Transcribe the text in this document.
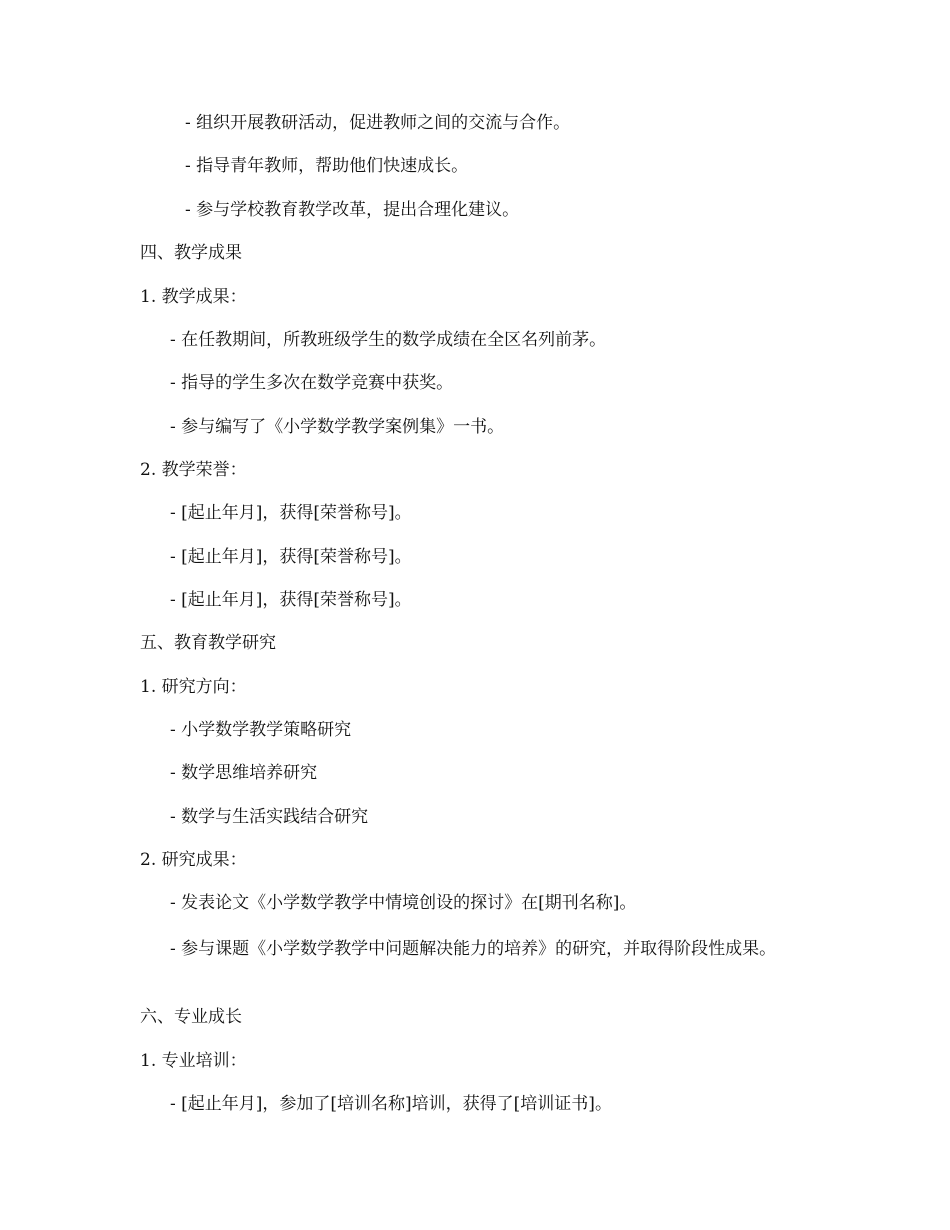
- 组织开展教研活动，促进教师之间的交流与合作。
- 指导青年教师，帮助他们快速成长。
- 参与学校教育教学改革，提出合理化建议。
四、教学成果
1. 教学成果：
- 在任教期间，所教班级学生的数学成绩在全区名列前茅。
- 指导的学生多次在数学竞赛中获奖。
- 参与编写了《小学数学教学案例集》一书。
2. 教学荣誉：
- [起止年月]，获得[荣誉称号]。
- [起止年月]，获得[荣誉称号]。
- [起止年月]，获得[荣誉称号]。
五、教育教学研究
1. 研究方向：
- 小学数学教学策略研究
- 数学思维培养研究
- 数学与生活实践结合研究
2. 研究成果：
- 发表论文《小学数学教学中情境创设的探讨》在[期刊名称]。
- 参与课题《小学数学教学中问题解决能力的培养》的研究，并取得阶段性成果。
六、专业成长
1. 专业培训：
- [起止年月]，参加了[培训名称]培训，获得了[培训证书]。
